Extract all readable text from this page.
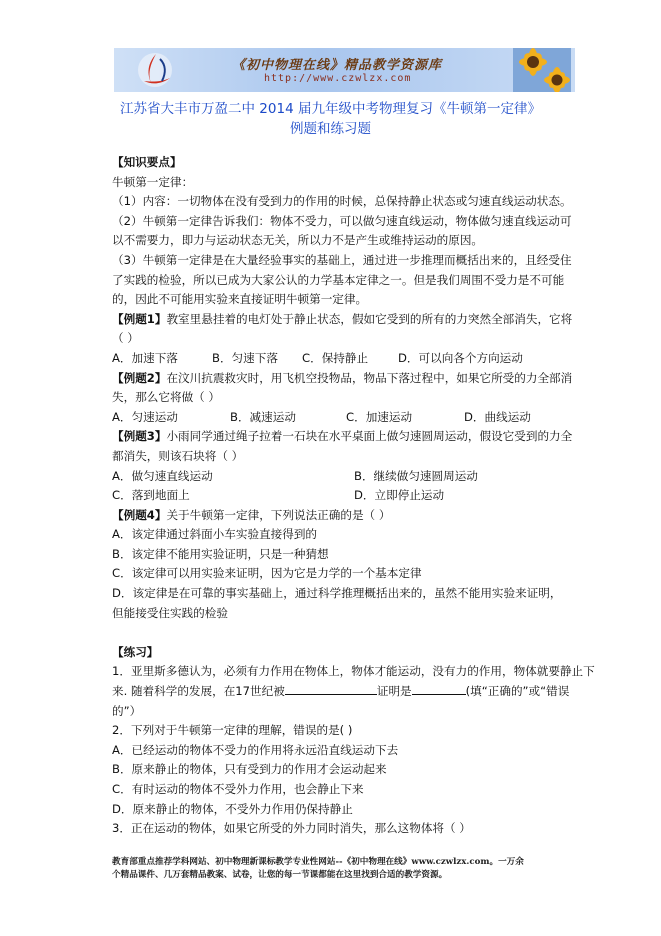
《初中物理在线》精品教学资源库
http://www.czwlzx.com
江苏省大丰市万盈二中 2014 届九年级中考物理复习《牛顿第一定律》
例题和练习题
【知识要点】
牛顿第一定律：
（1）内容：一切物体在没有受到力的作用的时候，总保持静止状态或匀速直线运动状态。
（2）牛顿第一定律告诉我们：物体不受力，可以做匀速直线运动，物体做匀速直线运动可
以不需要力，即力与运动状态无关，所以力不是产生或维持运动的原因。
（3）牛顿第一定律是在大量经验事实的基础上，通过进一步推理而概括出来的，且经受住
了实践的检验，所以已成为大家公认的力学基本定律之一。但是我们周围不受力是不可能
的，因此不可能用实验来直接证明牛顿第一定律。
【例题1】教室里悬挂着的电灯处于静止状态，假如它受到的所有的力突然全部消失，它将
（ ）
A．加速下落	B．匀速下落	C．保持静止	D．可以向各个方向运动
【例题2】在汶川抗震救灾时，用飞机空投物品，物品下落过程中，如果它所受的力全部消
失，那么它将做（ ）
A．匀速运动	B．减速运动	C．加速运动	D．曲线运动
【例题3】小雨同学通过绳子拉着一石块在水平桌面上做匀速圆周运动，假设它受到的力全
都消失，则该石块将（ ）
A．做匀速直线运动	B．继续做匀速圆周运动
C．落到地面上	D．立即停止运动
【例题4】关于牛顿第一定律，下列说法正确的是（ ）
A．该定律通过斜面小车实验直接得到的
B．该定律不能用实验证明，只是一种猜想
C．该定律可以用实验来证明，因为它是力学的一个基本定律
D．该定律是在可靠的事实基础上，通过科学推理概括出来的，虽然不能用实验来证明，
但能接受住实践的检验
【练习】
1．亚里斯多德认为，必须有力作用在物体上，物体才能运动，没有力的作用，物体就要静止下
来. 随着科学的发展，在17世纪被	证明是	(填“正确的”或“错误
的”）
2．下列对于牛顿第一定律的理解，错误的是( )
A．已经运动的物体不受力的作用将永远沿直线运动下去
B．原来静止的物体，只有受到力的作用才会运动起来
C．有时运动的物体不受外力作用，也会静止下来
D．原来静止的物体，不受外力作用仍保持静止
3．正在运动的物体，如果它所受的外力同时消失，那么这物体将（ ）
教育部重点推荐学科网站、初中物理新课标教学专业性网站--《初中物理在线》www.czwlzx.com。一万余
个精品课件、几万套精品教案、试卷，让您的每一节课都能在这里找到合适的教学资源。
